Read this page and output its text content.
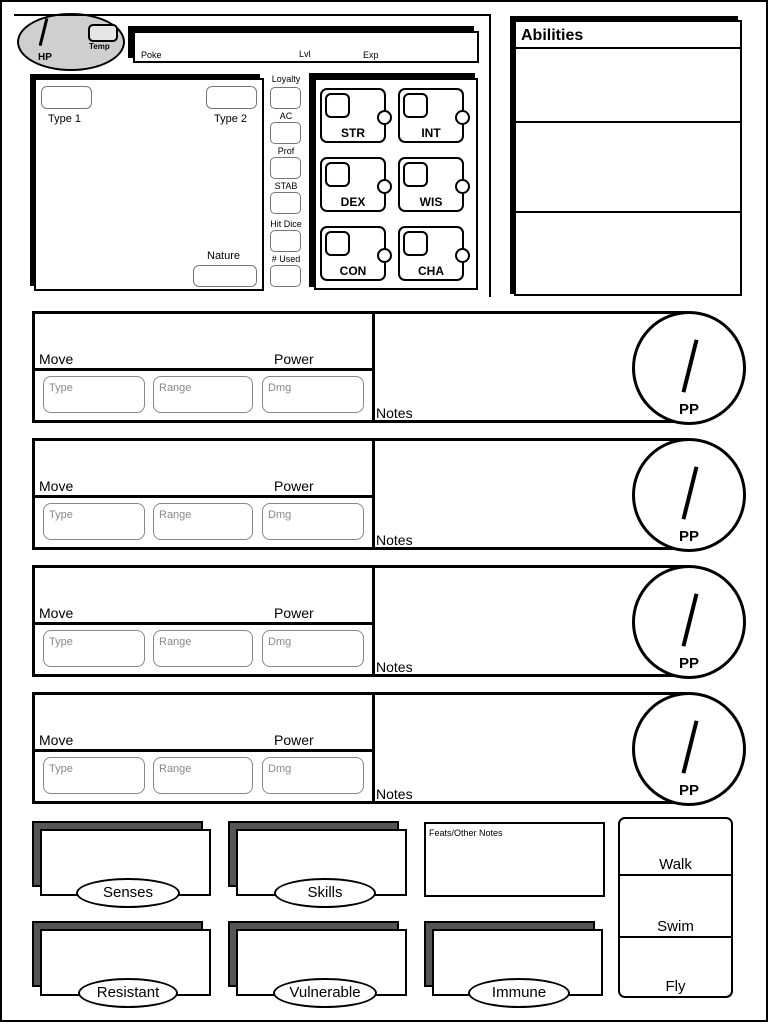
HP
Temp
Poke	Lvl	Exp
Type 1	Type 2
Nature
Loyalty
AC
Prof
STAB
Hit Dice
# Used
STR	INT
DEX	WIS
CON	CHA
Abilities
Move	Power
Notes
Type	Range	Dmg
PP
Move	Power
Notes
Type	Range	Dmg
PP
Move	Power
Notes
Type	Range	Dmg
PP
Move	Power
Notes
Type	Range	Dmg
PP
Senses	Skills
Feats/Other Notes
Resistant	Vulnerable	Immune
Walk
Swim
Fly
